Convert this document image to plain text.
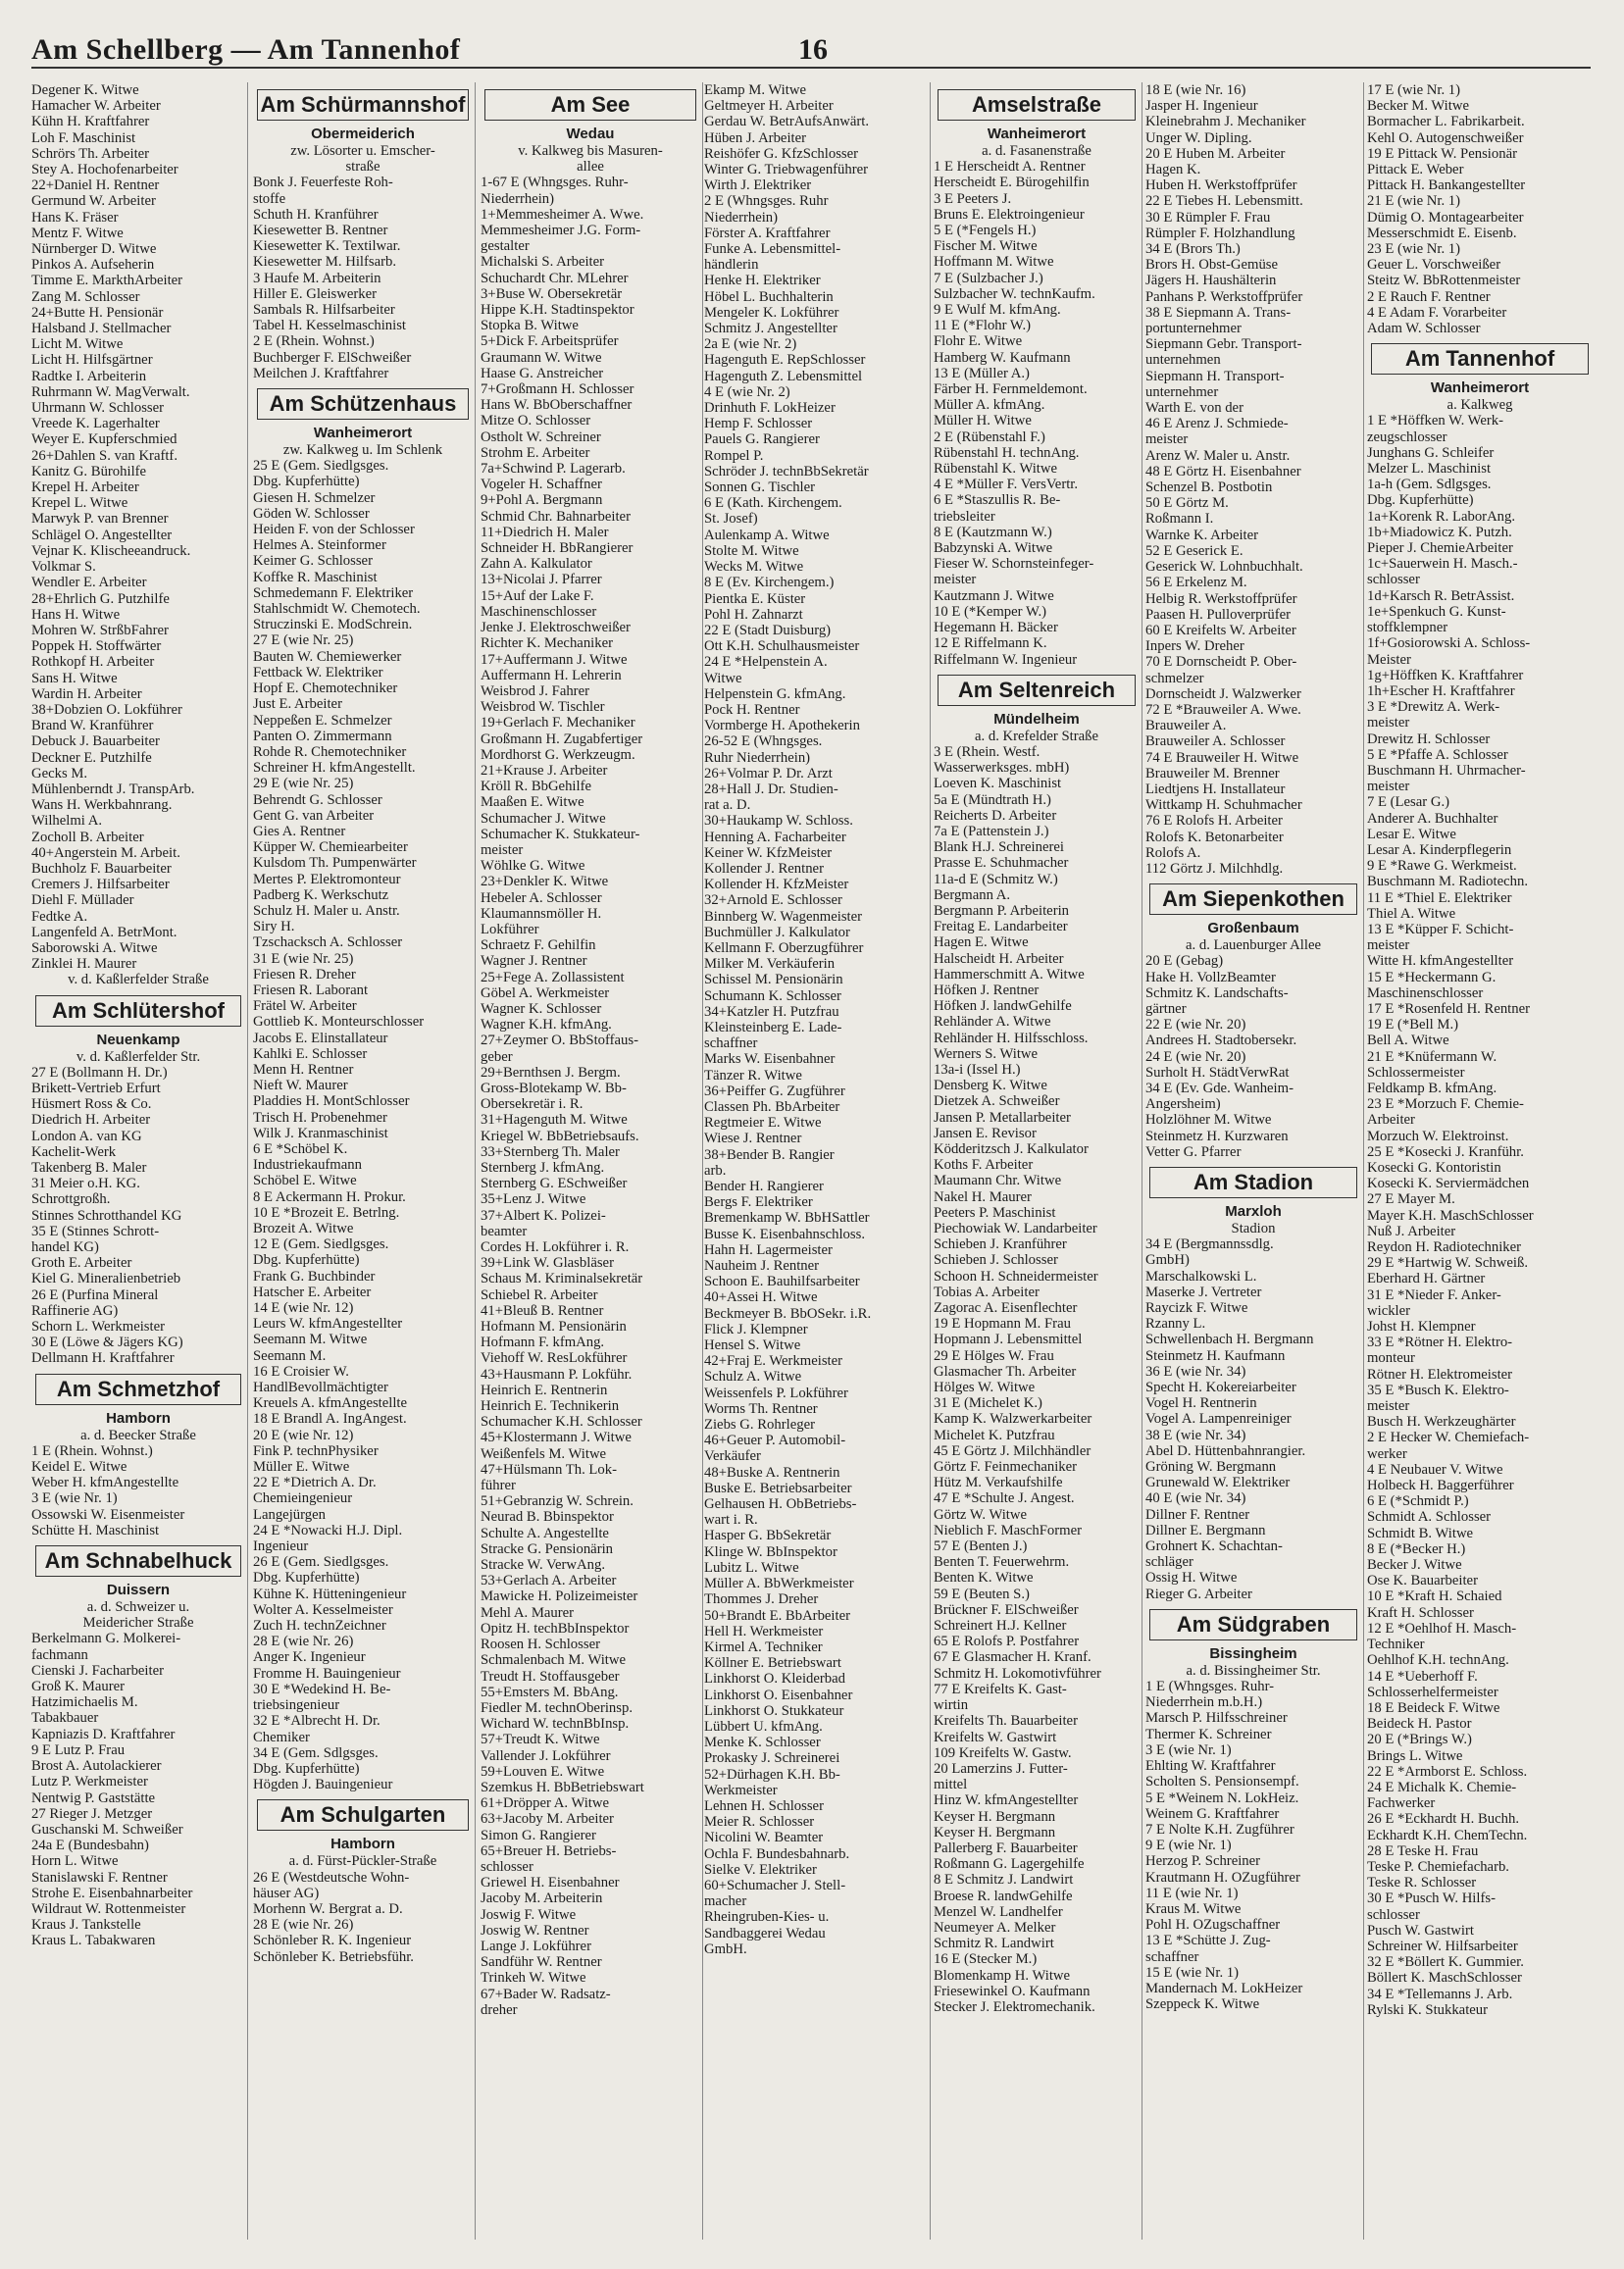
Am Schellberg — Am Tannenhof	16
Degener K. Witwe
Hamacher W. Arbeiter
Kühn H. Kraftfahrer
Loh F. Maschinist
Schrörs Th. Arbeiter
Stey A. Hochofenarbeiter
22+Daniel H. Rentner
Germund W. Arbeiter
Hans K. Fräser
Mentz F. Witwe
Nürnberger D. Witwe
Pinkos A. Aufseherin
Timme E. MarkthArbeiter
Zang M. Schlosser
24+Butte H. Pensionär
Halsband J. Stellmacher
Licht M. Witwe
Licht H. Hilfsgärtner
Radtke I. Arbeiterin
Ruhrmann W. MagVerwalt.
Uhrmann W. Schlosser
Vreede K. Lagerhalter
Weyer E. Kupferschmied
26+Dahlen S. van Kraftf.
Kanitz G. Bürohilfe
Krepel H. Arbeiter
Krepel L. Witwe
Marwyk P. van Brenner
Schlägel O. Angestellter
Vejnar K. Klischeeandruck.
Volkmar S.
Wendler E. Arbeiter
28+Ehrlich G. Putzhilfe
Hans H. Witwe
Mohren W. StrßbFahrer
Poppek H. Stoffwärter
Rothkopf H. Arbeiter
Sans H. Witwe
Wardin H. Arbeiter
38+Dobzien O. Lokführer
Brand W. Kranführer
Debuck J. Bauarbeiter
Deckner E. Putzhilfe
Gecks M.
Mühlenberndt J. TranspArb.
Wans H. Werkbahnrang.
Wilhelmi A.
Zocholl B. Arbeiter
40+Angerstein M. Arbeit.
Buchholz F. Bauarbeiter
Cremers J. Hilfsarbeiter
Diehl F. Müllader
Fedtke A.
Langenfeld A. BetrMont.
Saborowski A. Witwe
Zinklei H. Maurer
v. d. Kaßlerfelder Straße
Am Schlütershof
Neuenkamp
v. d. Kaßlerfelder Str.
27 E (Bollmann H. Dr.)
Brikett-Vertrieb Erfurt
Hüsmert Ross & Co.
Diedrich H. Arbeiter
London A. van KG
Kachelit-Werk
Takenberg B. Maler
31 Meier o.H. KG.
Schrottgroßh.
Stinnes Schrotthandel KG
35 E (Stinnes Schrott-
handel KG)
Groth E. Arbeiter
Kiel G. Mineralienbetrieb
26 E (Purfina Mineral
Raffinerie AG)
Schorn L. Werkmeister
30 E (Löwe & Jägers KG)
Dellmann H. Kraftfahrer
Am Schmetzhof
Hamborn
a. d. Beecker Straße
1 E (Rhein. Wohnst.)
Keidel E. Witwe
Weber H. kfmAngestellte
3 E (wie Nr. 1)
Ossowski W. Eisenmeister
Schütte H. Maschinist
Am Schnabelhuck
Duissern
a. d. Schweizer u.
Meidericher Straße
Berkelmann G. Molkerei-
fachmann
Cienski J. Facharbeiter
Groß K. Maurer
Hatzimichaelis M.
Tabakbauer
Kapniazis D. Kraftfahrer
9 E Lutz P. Frau
Brost A. Autolackierer
Lutz P. Werkmeister
Nentwig P. Gaststätte
27 Rieger J. Metzger
Guschanski M. Schweißer
24a E (Bundesbahn)
Horn L. Witwe
Stanislawski F. Rentner
Strohe E. Eisenbahnarbeiter
Wildraut W. Rottenmeister
Kraus J. Tankstelle
Kraus L. Tabakwaren
Am Schürmannshof
Obermeiderich
zw. Lösorter u. Emscher-
straße
Bonk J. Feuerfeste Roh-
stoffe
Schuth H. Kranführer
Kiesewetter B. Rentner
Kiesewetter K. Textilwar.
Kiesewetter M. Hilfsarb.
3 Haufe M. Arbeiterin
Hiller E. Gleiswerker
Sambals R. Hilfsarbeiter
Tabel H. Kesselmaschinist
2 E (Rhein. Wohnst.)
Buchberger F. ElSchweißer
Meilchen J. Kraftfahrer
Am Schützenhaus
Wanheimerort
zw. Kalkweg u. Im Schlenk
25 E (Gem. Siedlgsges.
Dbg. Kupferhütte)
Giesen H. Schmelzer
Göden W. Schlosser
Heiden F. von der Schlosser
Helmes A. Steinformer
Keimer G. Schlosser
Koffke R. Maschinist
Schmedemann F. Elektriker
Stahlschmidt W. Chemotech.
Struczinski E. ModSchrein.
27 E (wie Nr. 25)
Bauten W. Chemiewerker
Fettback W. Elektriker
Hopf E. Chemotechniker
Just E. Arbeiter
Neppeßen E. Schmelzer
Panten O. Zimmermann
Rohde R. Chemotechniker
Schreiner H. kfmAngestellt.
29 E (wie Nr. 25)
Behrendt G. Schlosser
Gent G. van Arbeiter
Gies A. Rentner
Küpper W. Chemiearbeiter
Kulsdom Th. Pumpenwärter
Mertes P. Elektromonteur
Padberg K. Werkschutz
Schulz H. Maler u. Anstr.
Siry H.
Tzschacksch A. Schlosser
31 E (wie Nr. 25)
Friesen R. Dreher
Friesen R. Laborant
Frätel W. Arbeiter
Gottlieb K. Monteurschlosser
Jacobs E. Elinstallateur
Kahlki E. Schlosser
Menn H. Rentner
Nieft W. Maurer
Pladdies H. MontSchlosser
Trisch H. Probenehmer
Wilk J. Kranmaschinist
6 E *Schöbel K.
Industriekaufmann
Schöbel E. Witwe
8 E Ackermann H. Prokur.
10 E *Brozeit E. Betrlng.
Brozeit A. Witwe
12 E (Gem. Siedlgsges.
Dbg. Kupferhütte)
Frank G. Buchbinder
Hatscher E. Arbeiter
14 E (wie Nr. 12)
Leurs W. kfmAngestellter
Seemann M. Witwe
Seemann M.
16 E Croisier W.
HandlBevollmächtigter
Kreuels A. kfmAngestellte
18 E Brandl A. IngAngest.
20 E (wie Nr. 12)
Fink P. technPhysiker
Müller E. Witwe
22 E *Dietrich A. Dr.
Chemieingenieur
Langejürgen
24 E *Nowacki H.J. Dipl.
Ingenieur
26 E (Gem. Siedlgsges.
Dbg. Kupferhütte)
Kühne K. Hütteningenieur
Wolter A. Kesselmeister
Zuch H. technZeichner
28 E (wie Nr. 26)
Anger K. Ingenieur
Fromme H. Bauingenieur
30 E *Wedekind H. Be-
triebsingenieur
32 E *Albrecht H. Dr.
Chemiker
34 E (Gem. Sdlgsges.
Dbg. Kupferhütte)
Högden J. Bauingenieur
Am Schulgarten
Hamborn
a. d. Fürst-Pückler-Straße
26 E (Westdeutsche Wohn-
häuser AG)
Morhenn W. Bergrat a. D.
28 E (wie Nr. 26)
Schönleber R. K. Ingenieur
Schönleber K. Betriebsführ.
Am See
Wedau
v. Kalkweg bis Masuren-
allee
1-67 E (Whngsges. Ruhr-
Niederrhein)
1+Memmesheimer A. Wwe.
Memmesheimer J.G. Form-
gestalter
Michalski S. Arbeiter
Schuchardt Chr. MLehrer
3+Buse W. Obersekretär
Hippe K.H. Stadtinspektor
Stopka B. Witwe
5+Dick F. Arbeitsprüfer
Graumann W. Witwe
Haase G. Anstreicher
7+Großmann H. Schlosser
Hans W. BbOberschaffner
Mitze O. Schlosser
Ostholt W. Schreiner
Strohm E. Arbeiter
7a+Schwind P. Lagerarb.
Vogeler H. Schaffner
9+Pohl A. Bergmann
Schmid Chr. Bahnarbeiter
11+Diedrich H. Maler
Schneider H. BbRangierer
Zahn A. Kalkulator
13+Nicolai J. Pfarrer
15+Auf der Lake F.
Maschinenschlosser
Jenke J. Elektroschweißer
Richter K. Mechaniker
17+Auffermann J. Witwe
Auffermann H. Lehrerin
Weisbrod J. Fahrer
Weisbrod W. Tischler
19+Gerlach F. Mechaniker
Großmann H. Zugabfertiger
Mordhorst G. Werkzeugm.
21+Krause J. Arbeiter
Kröll R. BbGehilfe
Maaßen E. Witwe
Schumacher J. Witwe
Schumacher K. Stukkateur-
meister
Wöhlke G. Witwe
23+Denkler K. Witwe
Hebeler A. Schlosser
Klaumannsmöller H.
Lokführer
Schraetz F. Gehilfin
Wagner J. Rentner
25+Fege A. Zollassistent
Göbel A. Werkmeister
Wagner K. Schlosser
Wagner K.H. kfmAng.
27+Zeymer O. BbStoffaus-
geber
29+Bernthsen J. Bergm.
Gross-Blotekamp W. Bb-
Obersekretär i. R.
31+Hagenguth M. Witwe
Kriegel W. BbBetriebsaufs.
33+Sternberg Th. Maler
Sternberg J. kfmAng.
Sternberg G. ESchweißer
35+Lenz J. Witwe
37+Albert K. Polizei-
beamter
Cordes H. Lokführer i. R.
39+Link W. Glasbläser
Schaus M. Kriminalsekretär
Schiebel R. Arbeiter
41+Bleuß B. Rentner
Hofmann M. Pensionärin
Hofmann F. kfmAng.
Viehoff W. ResLokführer
43+Hausmann P. Lokführ.
Heinrich E. Rentnerin
Heinrich E. Technikerin
Schumacher K.H. Schlosser
45+Klostermann J. Witwe
Weißenfels M. Witwe
47+Hülsmann Th. Lok-
führer
51+Gebranzig W. Schrein.
Neurad B. Bbinspektor
Schulte A. Angestellte
Stracke G. Pensionärin
Stracke W. VerwAng.
53+Gerlach A. Arbeiter
Mawicke H. Polizeimeister
Mehl A. Maurer
Opitz H. techBbInspektor
Roosen H. Schlosser
Schmalenbach M. Witwe
Treudt H. Stoffausgeber
55+Emsters M. BbAng.
Fiedler M. technOberinsp.
Wichard W. technBbInsp.
57+Treudt K. Witwe
Vallender J. Lokführer
59+Louven E. Witwe
Szemkus H. BbBetriebswart
61+Dröpper A. Witwe
63+Jacoby M. Arbeiter
Simon G. Rangierer
65+Breuer H. Betriebs-
schlosser
Griewel H. Eisenbahner
Jacoby M. Arbeiterin
Joswig F. Witwe
Joswig W. Rentner
Lange J. Lokführer
Sandführ W. Rentner
Trinkeh W. Witwe
67+Bader W. Radsatz-
dreher
Ekamp M. Witwe
Geltmeyer H. Arbeiter
Gerdau W. BetrAufsAnwärt.
Hüben J. Arbeiter
Reishöfer G. KfzSchlosser
Winter G. Triebwagenführer
Wirth J. Elektriker
2 E (Whngsges. Ruhr
Niederrhein)
Förster A. Kraftfahrer
Funke A. Lebensmittel-
händlerin
Henke H. Elektriker
Höbel L. Buchhalterin
Mengeler K. Lokführer
Schmitz J. Angestellter
2a E (wie Nr. 2)
Hagenguth E. RepSchlosser
Hagenguth Z. Lebensmittel
4 E (wie Nr. 2)
Drinhuth F. LokHeizer
Hemp F. Schlosser
Pauels G. Rangierer
Rompel P.
Schröder J. technBbSekretär
Sonnen G. Tischler
6 E (Kath. Kirchengem.
St. Josef)
Aulenkamp A. Witwe
Stolte M. Witwe
Wecks M. Witwe
8 E (Ev. Kirchengem.)
Pientka E. Küster
Pohl H. Zahnarzt
22 E (Stadt Duisburg)
Ott K.H. Schulhausmeister
24 E *Helpenstein A.
Witwe
Helpenstein G. kfmAng.
Pock H. Rentner
Vormberge H. Apothekerin
26-52 E (Whngsges.
Ruhr Niederrhein)
26+Volmar P. Dr. Arzt
28+Hall J. Dr. Studien-
rat a. D.
30+Haukamp W. Schloss.
Henning A. Facharbeiter
Keiner W. KfzMeister
Kollender J. Rentner
Kollender H. KfzMeister
32+Arnold E. Schlosser
Binnberg W. Wagenmeister
Buchmüller J. Kalkulator
Kellmann F. Oberzugführer
Milker M. Verkäuferin
Schissel M. Pensionärin
Schumann K. Schlosser
34+Katzler H. Putzfrau
Kleinsteinberg E. Lade-
schaffner
Marks W. Eisenbahner
Tänzer R. Witwe
36+Peiffer G. Zugführer
Classen Ph. BbArbeiter
Regtmeier E. Witwe
Wiese J. Rentner
38+Bender B. Rangier
arb.
Bender H. Rangierer
Bergs F. Elektriker
Bremenkamp W. BbHSattler
Busse K. Eisenbahnschloss.
Hahn H. Lagermeister
Nauheim J. Rentner
Schoon E. Bauhilfsarbeiter
40+Assei H. Witwe
Beckmeyer B. BbOSekr. i.R.
Flick J. Klempner
Hensel S. Witwe
42+Fraj E. Werkmeister
Schulz A. Witwe
Weissenfels P. Lokführer
Worms Th. Rentner
Ziebs G. Rohrleger
46+Geuer P. Automobil-
Verkäufer
48+Buske A. Rentnerin
Buske E. Betriebsarbeiter
Gelhausen H. ObBetriebs-
wart i. R.
Hasper G. BbSekretär
Klinge W. BbInspektor
Lubitz L. Witwe
Müller A. BbWerkmeister
Thommes J. Dreher
50+Brandt E. BbArbeiter
Hell H. Werkmeister
Kirmel A. Techniker
Köllner E. Betriebswart
Linkhorst O. Kleiderbad
Linkhorst O. Eisenbahner
Linkhorst O. Stukkateur
Lübbert U. kfmAng.
Menke K. Schlosser
Prokasky J. Schreinerei
52+Dürhagen K.H. Bb-
Werkmeister
Lehnen H. Schlosser
Meier R. Schlosser
Nicolini W. Beamter
Ochla F. Bundesbahnarb.
Sielke V. Elektriker
60+Schumacher J. Stell-
macher
Rheingruben-Kies- u.
Sandbaggerei Wedau
GmbH.
Amselstraße
Wanheimerort
a. d. Fasanenstraße
1 E Herscheidt A. Rentner
Herscheidt E. Bürogehilfin
3 E Peeters J.
Bruns E. Elektroingenieur
5 E (*Fengels H.)
Fischer M. Witwe
Hoffmann M. Witwe
7 E (Sulzbacher J.)
Sulzbacher W. technKaufm.
9 E Wulf M. kfmAng.
11 E (*Flohr W.)
Flohr E. Witwe
Hamberg W. Kaufmann
13 E (Müller A.)
Färber H. Fernmeldemont.
Müller A. kfmAng.
Müller H. Witwe
2 E (Rübenstahl F.)
Rübenstahl H. technAng.
Rübenstahl K. Witwe
4 E *Müller F. VersVertr.
6 E *Staszullis R. Be-
triebsleiter
8 E (Kautzmann W.)
Babzynski A. Witwe
Fieser W. Schornsteinfeger-
meister
Kautzmann J. Witwe
10 E (*Kemper W.)
Hegemann H. Bäcker
12 E Riffelmann K.
Riffelmann W. Ingenieur
Am Seltenreich
Mündelheim
a. d. Krefelder Straße
3 E (Rhein. Westf.
Wasserwerksges. mbH)
Loeven K. Maschinist
5a E (Mündtrath H.)
Reicherts D. Arbeiter
7a E (Pattenstein J.)
Blank H.J. Schreinerei
Prasse E. Schuhmacher
11a-d E (Schmitz W.)
Bergmann A.
Bergmann P. Arbeiterin
Freitag E. Landarbeiter
Hagen E. Witwe
Halscheidt H. Arbeiter
Hammerschmitt A. Witwe
Höfken J. Rentner
Höfken J. landwGehilfe
Rehländer A. Witwe
Rehländer H. Hilfsschloss.
Werners S. Witwe
13a-i (Issel H.)
Densberg K. Witwe
Dietzek A. Schweißer
Jansen P. Metallarbeiter
Jansen E. Revisor
Ködderitzsch J. Kalkulator
Koths F. Arbeiter
Maumann Chr. Witwe
Nakel H. Maurer
Peeters P. Maschinist
Piechowiak W. Landarbeiter
Schieben J. Kranführer
Schieben J. Schlosser
Schoon H. Schneidermeister
Tobias A. Arbeiter
Zagorac A. Eisenflechter
19 E Hopmann M. Frau
Hopmann J. Lebensmittel
29 E Hölges W. Frau
Glasmacher Th. Arbeiter
Hölges W. Witwe
31 E (Michelet K.)
Kamp K. Walzwerkarbeiter
Michelet K. Putzfrau
45 E Görtz J. Milchhändler
Görtz F. Feinmechaniker
Hütz M. Verkaufshilfe
47 E *Schulte J. Angest.
Görtz W. Witwe
Nieblich F. MaschFormer
57 E (Benten J.)
Benten T. Feuerwehrm.
Benten K. Witwe
59 E (Beuten S.)
Brückner F. ElSchweißer
Schreinert H.J. Kellner
65 E Rolofs P. Postfahrer
67 E Glasmacher H. Kranf.
Schmitz H. Lokomotivführer
77 E Kreifelts K. Gast-
wirtin
Kreifelts Th. Bauarbeiter
Kreifelts W. Gastwirt
109 Kreifelts W. Gastw.
20 Lamerzins J. Futter-
mittel
Hinz W. kfmAngestellter
Keyser H. Bergmann
Keyser H. Bergmann
Pallerberg F. Bauarbeiter
Roßmann G. Lagergehilfe
8 E Schmitz J. Landwirt
Broese R. landwGehilfe
Menzel W. Landhelfer
Neumeyer A. Melker
Schmitz R. Landwirt
16 E (Stecker M.)
Blomenkamp H. Witwe
Friesewinkel O. Kaufmann
Stecker J. Elektromechanik.
18 E (wie Nr. 16)
Jasper H. Ingenieur
Kleinebrahm J. Mechaniker
Unger W. Dipling.
20 E Huben M. Arbeiter
Hagen K.
Huben H. Werkstoffprüfer
22 E Tiebes H. Lebensmitt.
30 E Rümpler F. Frau
Rümpler F. Holzhandlung
34 E (Brors Th.)
Brors H. Obst-Gemüse
Jägers H. Haushälterin
Panhans P. Werkstoffprüfer
38 E Siepmann A. Trans-
portunternehmer
Siepmann Gebr. Transport-
unternehmen
Siepmann H. Transport-
unternehmer
Warth E. von der
46 E Arenz J. Schmiede-
meister
Arenz W. Maler u. Anstr.
48 E Görtz H. Eisenbahner
Schenzel B. Postbotin
50 E Görtz M.
Roßmann I.
Warnke K. Arbeiter
52 E Geserick E.
Geserick W. Lohnbuchhalt.
56 E Erkelenz M.
Helbig R. Werkstoffprüfer
Paasen H. Pulloverprüfer
60 E Kreifelts W. Arbeiter
Inpers W. Dreher
70 E Dornscheidt P. Ober-
schmelzer
Dornscheidt J. Walzwerker
72 E *Brauweiler A. Wwe.
Brauweiler A.
Brauweiler A. Schlosser
74 E Brauweiler H. Witwe
Brauweiler M. Brenner
Liedtjens H. Installateur
Wittkamp H. Schuhmacher
76 E Rolofs H. Arbeiter
Rolofs K. Betonarbeiter
Rolofs A.
112 Görtz J. Milchhdlg.
Am Siepenkothen
Großenbaum
a. d. Lauenburger Allee
20 E (Gebag)
Hake H. VollzBeamter
Schmitz K. Landschafts-
gärtner
22 E (wie Nr. 20)
Andrees H. Stadtobersekr.
24 E (wie Nr. 20)
Surholt H. StädtVerwRat
34 E (Ev. Gde. Wanheim-
Angersheim)
Holzlöhner M. Witwe
Steinmetz H. Kurzwaren
Vetter G. Pfarrer
Am Stadion
Marxloh
Stadion
34 E (Bergmannssdlg.
GmbH)
Marschalkowski L.
Maserke J. Vertreter
Raycizk F. Witwe
Rzanny L.
Schwellenbach H. Bergmann
Steinmetz H. Kaufmann
36 E (wie Nr. 34)
Specht H. Kokereiarbeiter
Vogel H. Rentnerin
Vogel A. Lampenreiniger
38 E (wie Nr. 34)
Abel D. Hüttenbahnrangier.
Gröning W. Bergmann
Grunewald W. Elektriker
40 E (wie Nr. 34)
Dillner F. Rentner
Dillner E. Bergmann
Grohnert K. Schachtan-
schläger
Ossig H. Witwe
Rieger G. Arbeiter
Am Südgraben
Bissingheim
a. d. Bissingheimer Str.
1 E (Whngsges. Ruhr-
Niederrhein m.b.H.)
Marsch P. Hilfsschreiner
Thermer K. Schreiner
3 E (wie Nr. 1)
Ehlting W. Kraftfahrer
Scholten S. Pensionsempf.
5 E *Weinem N. LokHeiz.
Weinem G. Kraftfahrer
7 E Nolte K.H. Zugführer
9 E (wie Nr. 1)
Herzog P. Schreiner
Krautmann H. OZugführer
11 E (wie Nr. 1)
Kraus M. Witwe
Pohl H. OZugschaffner
13 E *Schütte J. Zug-
schaffner
15 E (wie Nr. 1)
Mandernach M. LokHeizer
Szeppeck K. Witwe
17 E (wie Nr. 1)
Becker M. Witwe
Bormacher L. Fabrikarbeit.
Kehl O. Autogenschweißer
19 E Pittack W. Pensionär
Pittack E. Weber
Pittack H. Bankangestellter
21 E (wie Nr. 1)
Dümig O. Montagearbeiter
Messerschmidt E. Eisenb.
23 E (wie Nr. 1)
Geuer L. Vorschweißer
Steitz W. BbRottenmeister
2 E Rauch F. Rentner
4 E Adam F. Vorarbeiter
Adam W. Schlosser
Am Tannenhof
Wanheimerort
a. Kalkweg
1 E *Höffken W. Werk-
zeugschlosser
Junghans G. Schleifer
Melzer L. Maschinist
1a-h (Gem. Sdlgsges.
Dbg. Kupferhütte)
1a+Korenk R. LaborAng.
1b+Miadowicz K. Putzh.
Pieper J. ChemieArbeiter
1c+Sauerwein H. Masch.-
schlosser
1d+Karsch R. BetrAssist.
1e+Spenkuch G. Kunst-
stoffklempner
1f+Gosiorowski A. Schloss-
Meister
1g+Höffken K. Kraftfahrer
1h+Escher H. Kraftfahrer
3 E *Drewitz A. Werk-
meister
Drewitz H. Schlosser
5 E *Pfaffe A. Schlosser
Buschmann H. Uhrmacher-
meister
7 E (Lesar G.)
Anderer A. Buchhalter
Lesar E. Witwe
Lesar A. Kinderpflegerin
9 E *Rawe G. Werkmeist.
Buschmann M. Radiotechn.
11 E *Thiel E. Elektriker
Thiel A. Witwe
13 E *Küpper F. Schicht-
meister
Witte H. kfmAngestellter
15 E *Heckermann G.
Maschinenschlosser
17 E *Rosenfeld H. Rentner
19 E (*Bell M.)
Bell A. Witwe
21 E *Knüfermann W.
Schlossermeister
Feldkamp B. kfmAng.
23 E *Morzuch F. Chemie-
Arbeiter
Morzuch W. Elektroinst.
25 E *Kosecki J. Kranführ.
Kosecki G. Kontoristin
Kosecki K. Serviermädchen
27 E Mayer M.
Mayer K.H. MaschSchlosser
Nuß J. Arbeiter
Reydon H. Radiotechniker
29 E *Hartwig W. Schweiß.
Eberhard H. Gärtner
31 E *Nieder F. Anker-
wickler
Johst H. Klempner
33 E *Rötner H. Elektro-
monteur
Rötner H. Elektromeister
35 E *Busch K. Elektro-
meister
Busch H. Werkzeughärter
2 E Hecker W. Chemiefach-
werker
4 E Neubauer V. Witwe
Holbeck H. Baggerführer
6 E (*Schmidt P.)
Schmidt A. Schlosser
Schmidt B. Witwe
8 E (*Becker H.)
Becker J. Witwe
Ose K. Bauarbeiter
10 E *Kraft H. Schaied
Kraft H. Schlosser
12 E *Oehlhof H. Masch-
Techniker
Oehlhof K.H. technAng.
14 E *Ueberhoff F.
Schlosserhelfermeister
18 E Beideck F. Witwe
Beideck H. Pastor
20 E (*Brings W.)
Brings L. Witwe
22 E *Armborst E. Schloss.
24 E Michalk K. Chemie-
Fachwerker
26 E *Eckhardt H. Buchh.
Eckhardt K.H. ChemTechn.
28 E Teske H. Frau
Teske P. Chemiefacharb.
Teske R. Schlosser
30 E *Pusch W. Hilfs-
schlosser
Pusch W. Gastwirt
Schreiner W. Hilfsarbeiter
32 E *Böllert K. Gummier.
Böllert K. MaschSchlosser
34 E *Tellemanns J. Arb.
Rylski K. Stukkateur
